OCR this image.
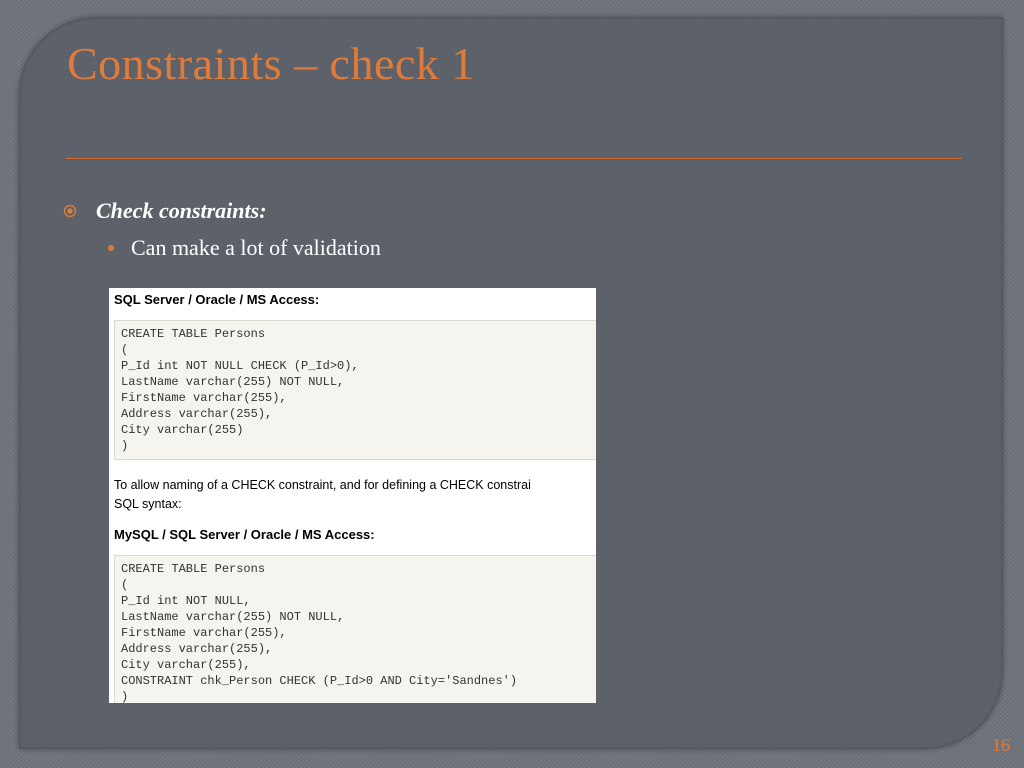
Constraints – check 1
Check constraints:
Can make a lot of validation
SQL Server / Oracle / MS Access:
CREATE TABLE Persons
(
P_Id int NOT NULL CHECK (P_Id>0),
LastName varchar(255) NOT NULL,
FirstName varchar(255),
Address varchar(255),
City varchar(255)
)
To allow naming of a CHECK constraint, and for defining a CHECK constrai
SQL syntax:
MySQL / SQL Server / Oracle / MS Access:
CREATE TABLE Persons
(
P_Id int NOT NULL,
LastName varchar(255) NOT NULL,
FirstName varchar(255),
Address varchar(255),
City varchar(255),
CONSTRAINT chk_Person CHECK (P_Id>0 AND City='Sandnes')
)
16
